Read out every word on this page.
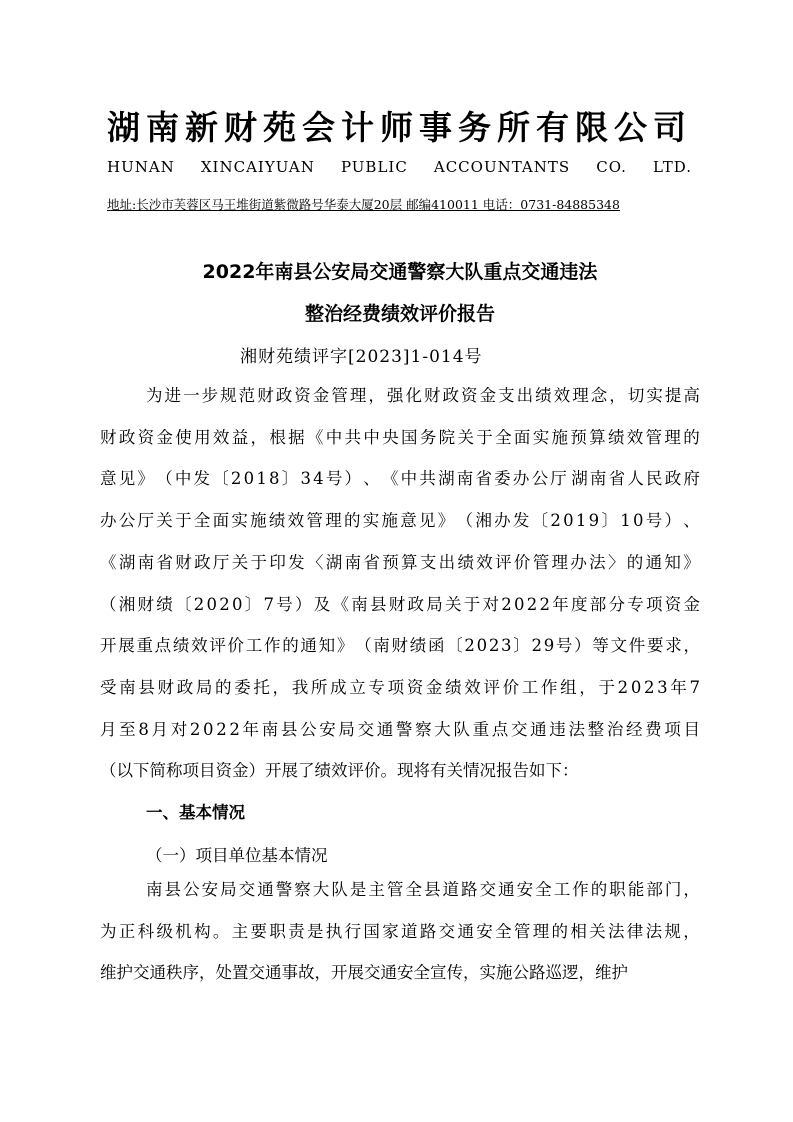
湖南新财苑会计师事务所有限公司
HUNAN XINCAIYUAN PUBLIC ACCOUNTANTS CO. LTD.
地址:长沙市芙蓉区马王堆街道紫微路号华泰大厦20层 邮编410011 电话：0731-84885348
2022年南县公安局交通警察大队重点交通违法
整治经费绩效评价报告
湘财苑绩评字[2023]1-014号
为 进 一 步 规 范 财 政 资 金 管 理 ， 强 化 财 政 资 金 支 出 绩 效 理 念 ， 切 实 提 高
财 政 资 金 使 用 效 益 ， 根 据 《 中 共 中 央 国 务 院 关 于 全 面 实 施 预 算 绩 效 管 理 的
意 见 》 （ 中 发 〔 2 0 1 8 〕 3 4 号 ） 、 《 中 共 湖 南 省 委 办 公 厅 湖 南 省 人 民 政 府
办 公 厅 关 于 全 面 实 施 绩 效 管 理 的 实 施 意 见 》 （ 湘 办 发 〔 2 0 1 9 〕 1 0 号 ） 、
《 湖 南 省 财 政 厅 关 于 印 发 〈 湖 南 省 预 算 支 出 绩 效 评 价 管 理 办 法 〉 的 通 知 》
（ 湘 财 绩 〔 2 0 2 0 〕 7 号 ） 及 《 南 县 财 政 局 关 于 对 2 0 2 2 年 度 部 分 专 项 资 金
开 展 重 点 绩 效 评 价 工 作 的 通 知 》 （ 南 财 绩 函 〔 2 0 2 3 〕 2 9 号 ） 等 文 件 要 求 ，
受 南 县 财 政 局 的 委 托 ， 我 所 成 立 专 项 资 金 绩 效 评 价 工 作 组 ， 于 2 0 2 3 年 7
月 至 8 月 对 2 0 2 2 年 南 县 公 安 局 交 通 警 察 大 队 重 点 交 通 违 法 整 治 经 费 项 目
（以下简称项目资金）开展了绩效评价。现将有关情况报告如下：
一、基本情况
（一）项目单位基本情况
南 县 公 安 局 交 通 警 察 大 队 是 主 管 全 县 道 路 交 通 安 全 工 作 的 职 能 部 门 ，
为 正 科 级 机 构 。 主 要 职 责 是 执 行 国 家 道 路 交 通 安 全 管 理 的 相 关 法 律 法 规 ，
维护交通秩序，处置交通事故，开展交通安全宣传，实施公路巡逻，维护
